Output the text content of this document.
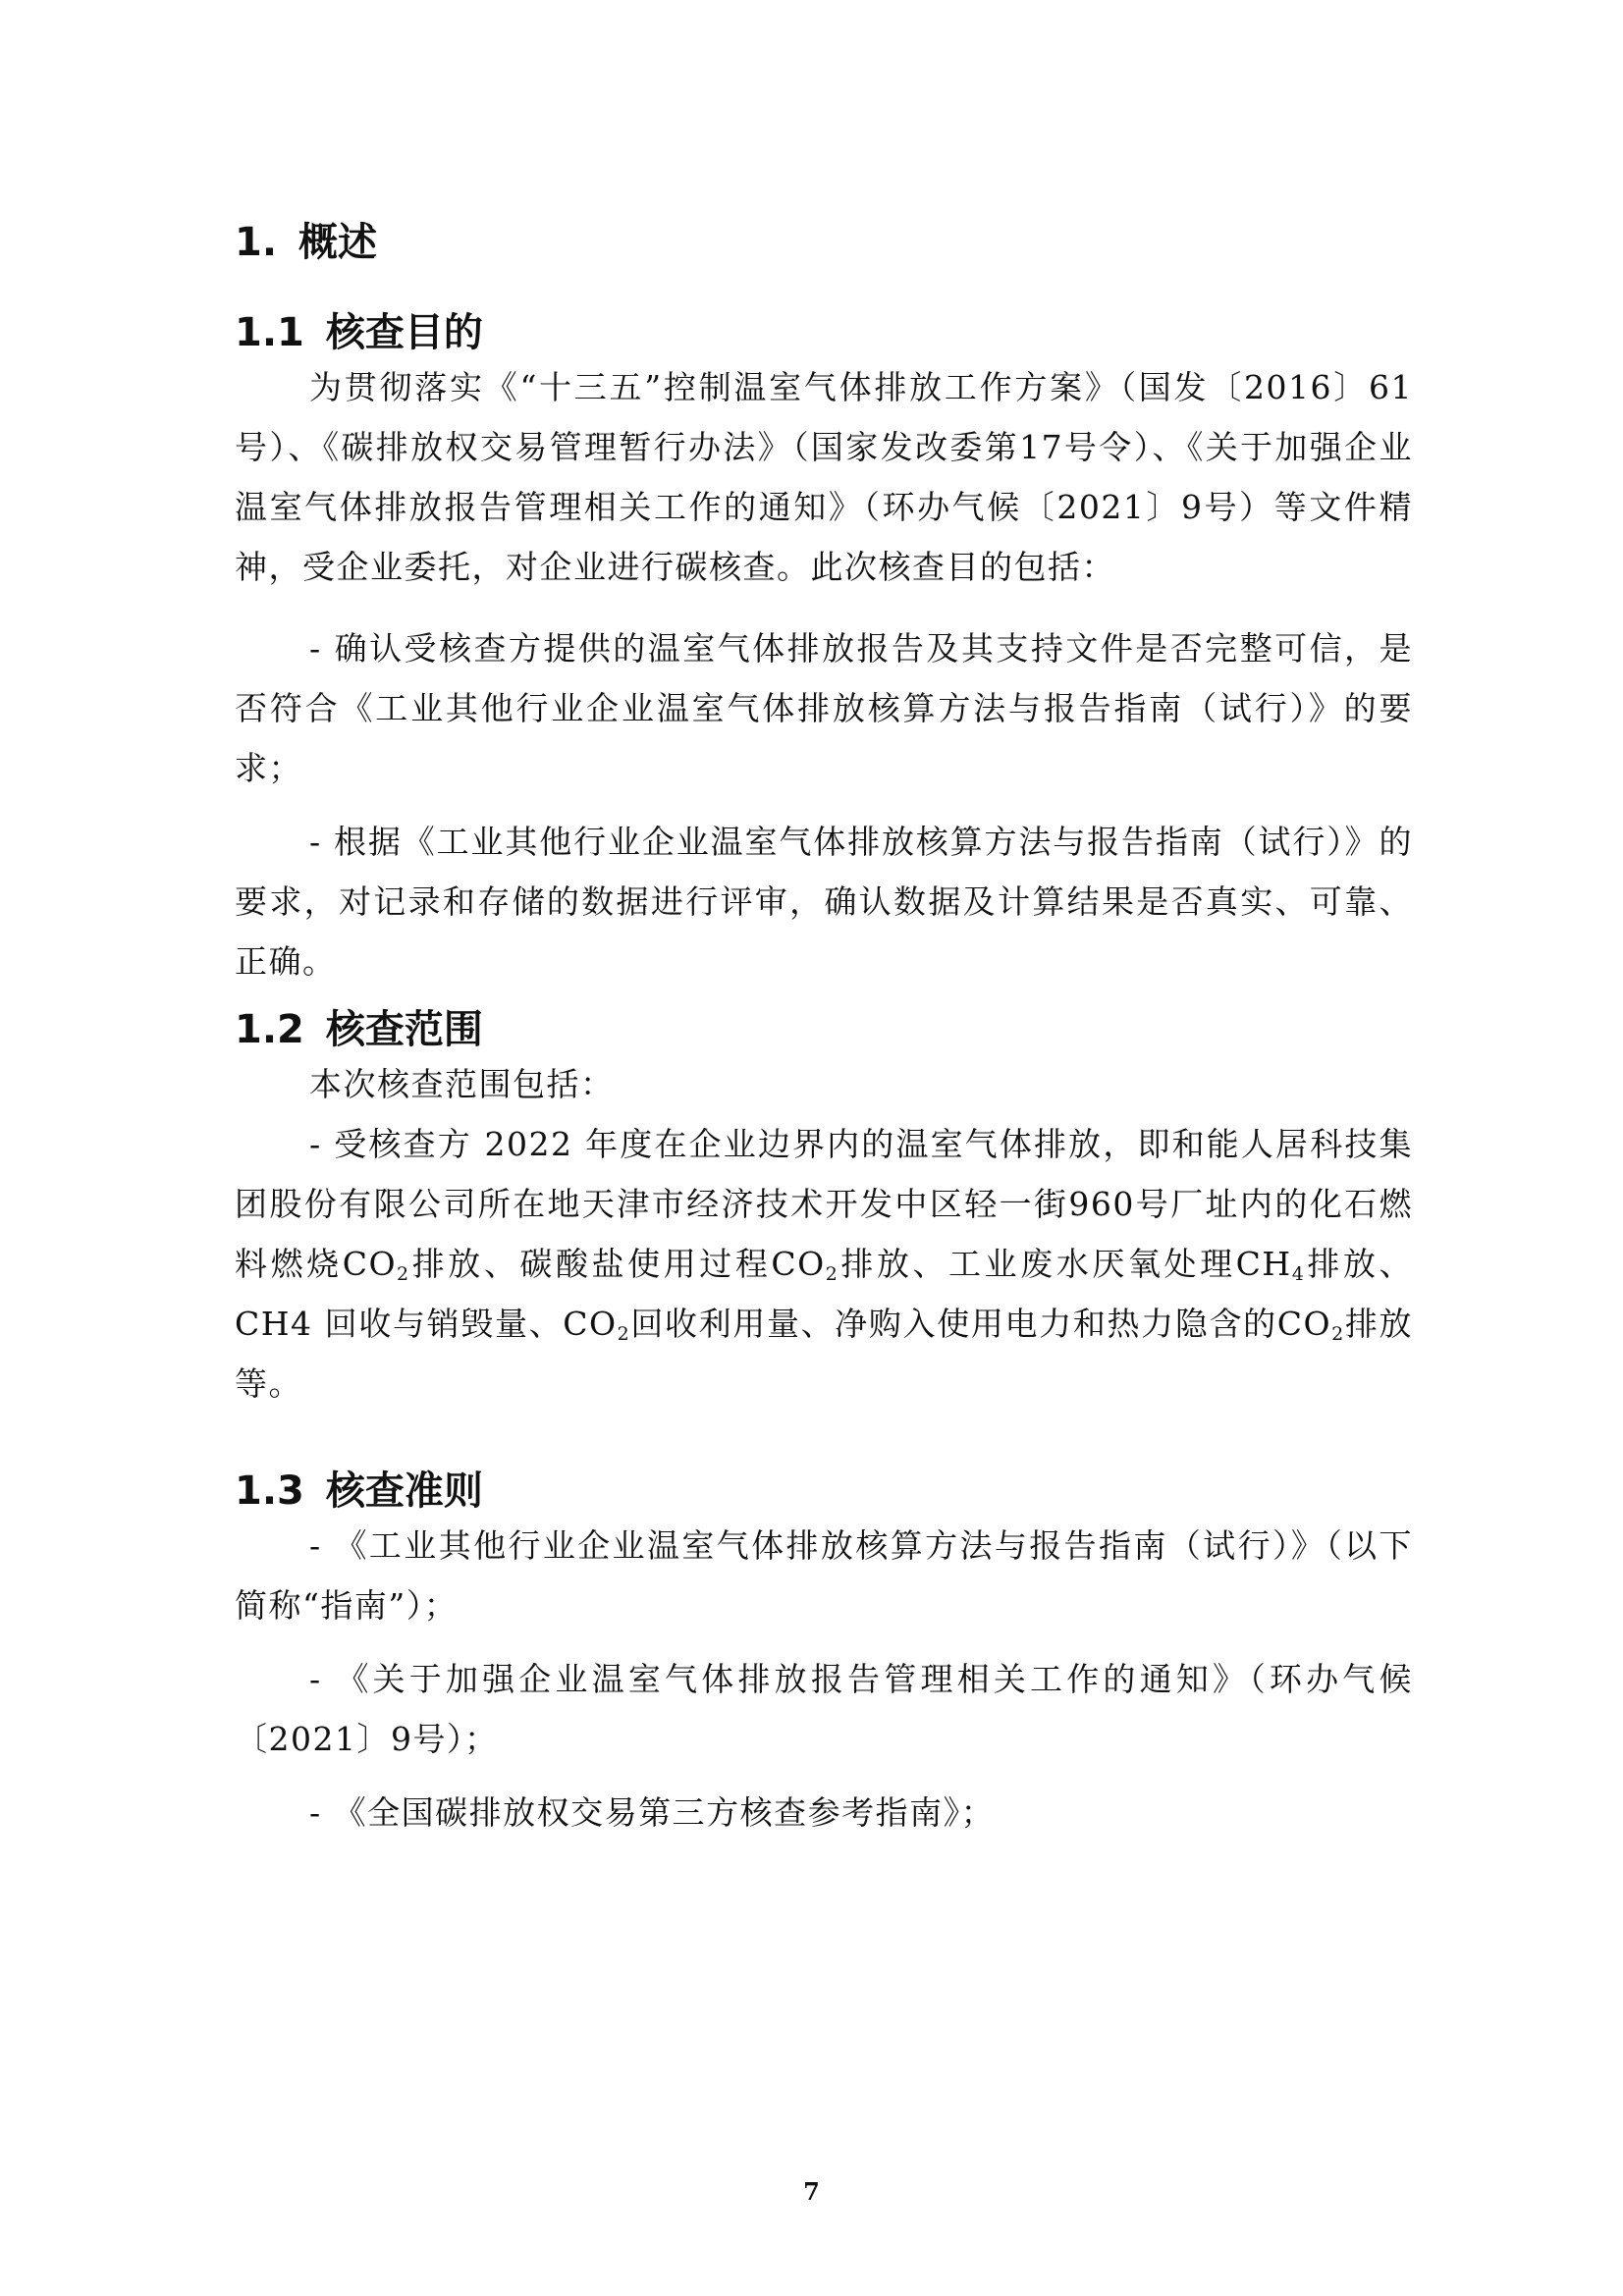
1. 概述
1.1 核查目的

为贯彻落实《“十三五”控制温室气体排放工作方案》（国发〔2016〕61号）、《碳排放权交易管理暂行办法》（国家发改委第17号令）、《关于加强企业温室气体排放报告管理相关工作的通知》（环办气候〔2021〕9号）等文件精神，受企业委托，对企业进行碳核查。此次核查目的包括：

- 确认受核查方提供的温室气体排放报告及其支持文件是否完整可信，是否符合《工业其他行业企业温室气体排放核算方法与报告指南（试行）》的要求；

- 根据《工业其他行业企业温室气体排放核算方法与报告指南（试行）》的要求，对记录和存储的数据进行评审，确认数据及计算结果是否真实、可靠、正确。

1.2 核查范围

本次核查范围包括：

- 受核查方 2022 年度在企业边界内的温室气体排放，即和能人居科技集团股份有限公司所在地天津市经济技术开发中区轻一街960号厂址内的化石燃料燃烧$CO_2$排放、碳酸盐使用过程$CO_2$排放、工业废水厌氧处理$CH_4$排放、CH4 回收与销毁量、$CO_2$回收利用量、净购入使用电力和热力隐含的$CO_2$排放等。

1.3 核查准则

- 《工业其他行业企业温室气体排放核算方法与报告指南（试行）》（以下简称“指南”）；

- 《关于加强企业温室气体排放报告管理相关工作的通知》（环办气候〔2021〕9号）；

- 《全国碳排放权交易第三方核查参考指南》；

7
